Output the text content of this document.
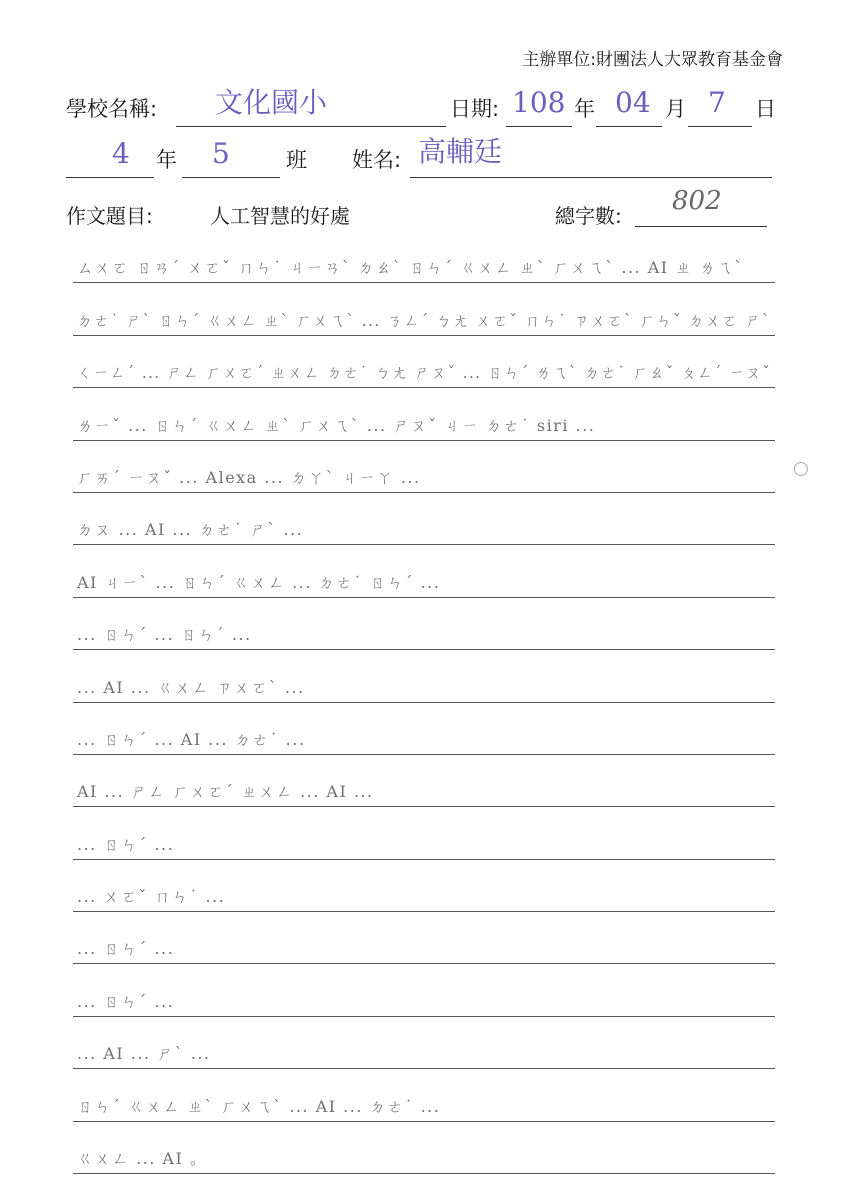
主辦單位:財團法人大眾教育基金會
學校名稱: 文化國小	日期: 108 年 04 月 7 日
4 年 5	班 姓名: 高輔廷
作文題目:	人工智慧的好處	總字數: 802
ㄙㄨㄛ ㄖㄢˊ ㄨㄛˇ ㄇㄣ˙ ㄐㄧㄢˋ ㄉㄠˋ ㄖㄣˊ ㄍㄨㄥ ㄓˋ ㄏㄨㄟˋ ... AI ㄓ ㄌㄟˋ
ㄉㄜ˙ ㄕˋ ㄖㄣˊ ㄍㄨㄥ ㄓˋ ㄏㄨㄟˋ ... ㄋㄥˊ ㄅㄤ ㄨㄛˇ ㄇㄣ˙ ㄗㄨㄛˋ ㄏㄣˇ ㄉㄨㄛ ㄕˋ
ㄑㄧㄥˊ ... ㄕㄥ ㄏㄨㄛˊ ㄓㄨㄥ ㄉㄜ˙ ㄅㄤ ㄕㄡˇ ... ㄖㄣˊ ㄌㄟˋ ㄉㄜ˙ ㄏㄠˇ ㄆㄥˊ ㄧㄡˇ
ㄌㄧˇ ... ㄖㄣˊ ㄍㄨㄥ ㄓˋ ㄏㄨㄟˋ ... ㄕㄡˇ ㄐㄧ ㄉㄜ˙ siri ...
ㄏㄞˊ ㄧㄡˇ ... Alexa ... ㄉㄚˋ ㄐㄧㄚ ...
ㄉㄡ ... AI ... ㄉㄜ˙ ㄕˋ ...
AI ㄐㄧˋ ... ㄖㄣˊ ㄍㄨㄥ ... ㄉㄜ˙ ㄖㄣˊ ...
... ㄖㄣˊ ... ㄖㄣˊ ...
... AI ... ㄍㄨㄥ ㄗㄨㄛˋ ...
... ㄖㄣˊ ... AI ... ㄉㄜ˙ ...
AI ... ㄕㄥ ㄏㄨㄛˊ ㄓㄨㄥ ... AI ...
... ㄖㄣˊ ...
... ㄨㄛˇ ㄇㄣ˙ ...
... ㄖㄣˊ ...
... ㄖㄣˊ ...
... AI ... ㄕˋ ...
ㄖㄣˊ ㄍㄨㄥ ㄓˋ ㄏㄨㄟˋ ... AI ... ㄉㄜ˙ ...
ㄍㄨㄥ ... AI 。
